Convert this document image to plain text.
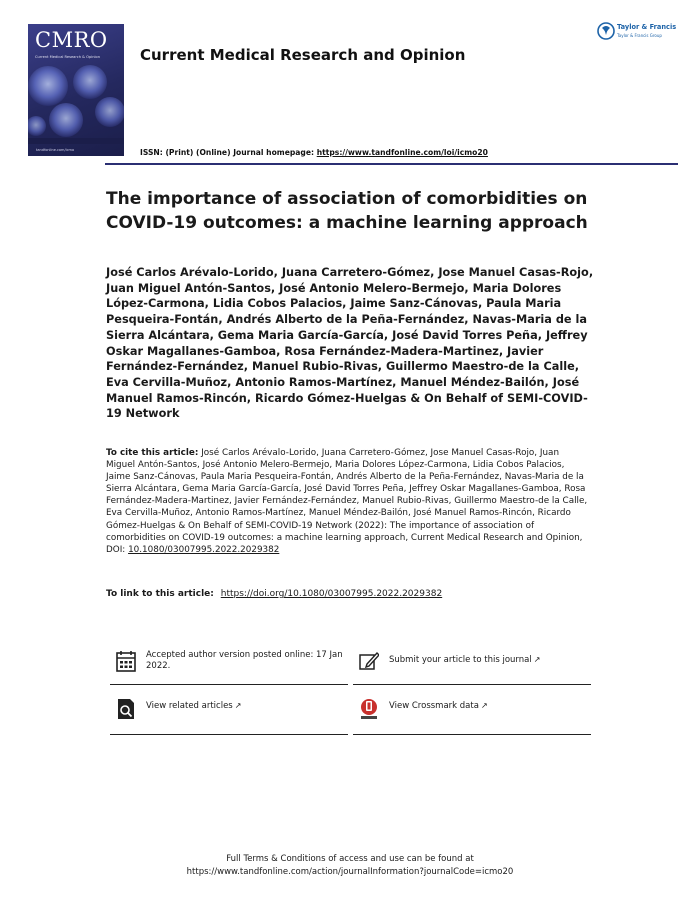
CMRO
Current Medical Research & Opinion
tandfonline.com/icmo
Current Medical Research and Opinion
ISSN: (Print) (Online) Journal homepage: https://www.tandfonline.com/loi/icmo20
Taylor & Francis
Taylor & Francis Group
The importance of association of comorbidities on COVID-19 outcomes: a machine learning approach
José Carlos Arévalo-Lorido, Juana Carretero-Gómez, Jose Manuel Casas-Rojo, Juan Miguel Antón-Santos, José Antonio Melero-Bermejo, Maria Dolores López-Carmona, Lidia Cobos Palacios, Jaime Sanz-Cánovas, Paula Maria Pesqueira-Fontán, Andrés Alberto de la Peña-Fernández, Navas-Maria de la Sierra Alcántara, Gema Maria García-García, José David Torres Peña, Jeffrey Oskar Magallanes-Gamboa, Rosa Fernández-Madera-Martinez, Javier Fernández-Fernández, Manuel Rubio-Rivas, Guillermo Maestro-de la Calle, Eva Cervilla-Muñoz, Antonio Ramos-Martínez, Manuel Méndez-Bailón, José Manuel Ramos-Rincón, Ricardo Gómez-Huelgas & On Behalf of SEMI-COVID-19 Network
To cite this article: José Carlos Arévalo-Lorido, Juana Carretero-Gómez, Jose Manuel Casas-Rojo, Juan Miguel Antón-Santos, José Antonio Melero-Bermejo, Maria Dolores López-Carmona, Lidia Cobos Palacios, Jaime Sanz-Cánovas, Paula Maria Pesqueira-Fontán, Andrés Alberto de la Peña-Fernández, Navas-Maria de la Sierra Alcántara, Gema Maria García-García, José David Torres Peña, Jeffrey Oskar Magallanes-Gamboa, Rosa Fernández-Madera-Martinez, Javier Fernández-Fernández, Manuel Rubio-Rivas, Guillermo Maestro-de la Calle, Eva Cervilla-Muñoz, Antonio Ramos-Martínez, Manuel Méndez-Bailón, José Manuel Ramos-Rincón, Ricardo Gómez-Huelgas & On Behalf of SEMI-COVID-19 Network (2022): The importance of association of comorbidities on COVID-19 outcomes: a machine learning approach, Current Medical Research and Opinion, DOI: 10.1080/03007995.2022.2029382
To link to this article: https://doi.org/10.1080/03007995.2022.2029382
Accepted author version posted online: 17 Jan 2022.
Submit your article to this journal ↗
View related articles ↗	View Crossmark data ↗
Full Terms & Conditions of access and use can be found at
https://www.tandfonline.com/action/journalInformation?journalCode=icmo20
